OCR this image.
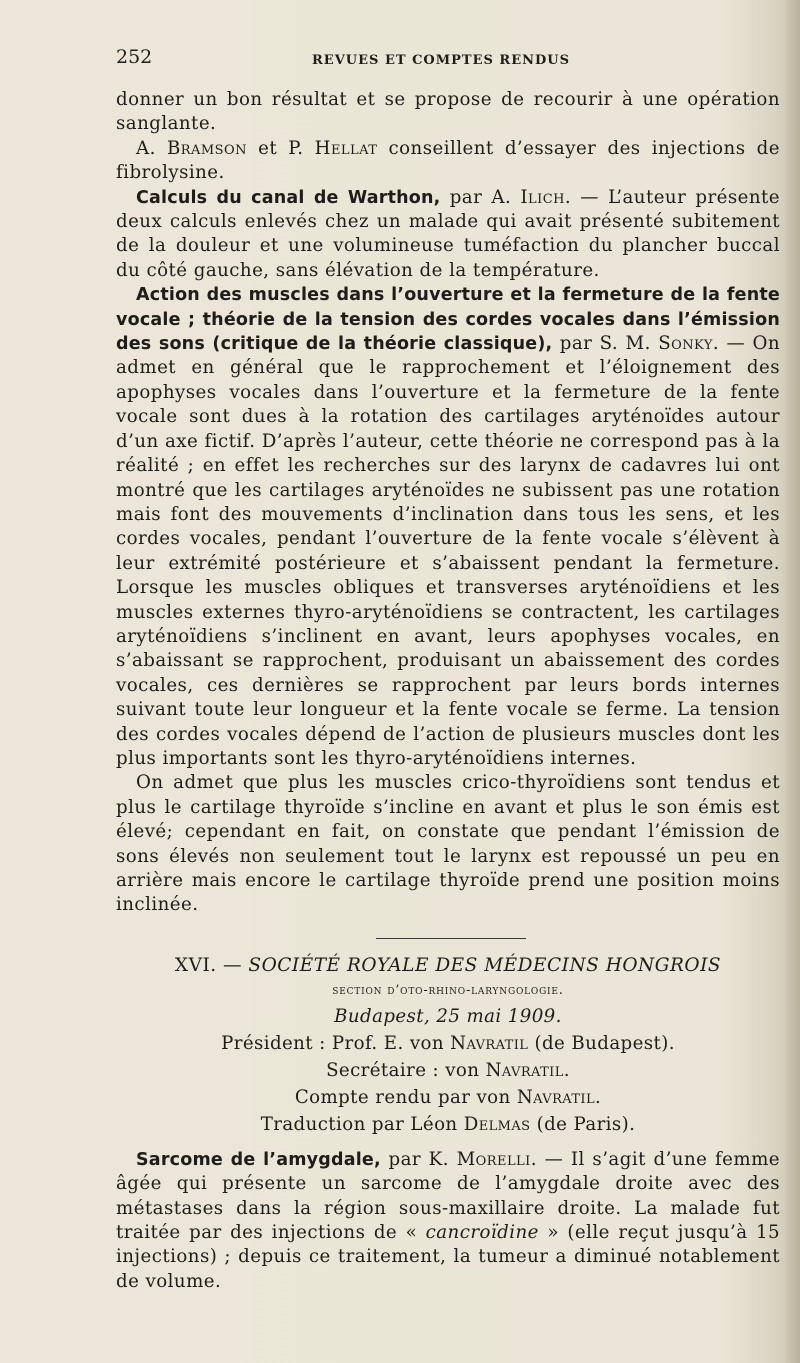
252	REVUES ET COMPTES RENDUS

donner un bon résultat et se propose de recourir à une opération sanglante.

A. Bramson et P. Hellat conseillent d’essayer des injections de fibrolysine.

Calculs du canal de Warthon, par A. Ilich. — L’auteur présente deux calculs enlevés chez un malade qui avait présenté subitement de la douleur et une volumineuse tuméfaction du plancher buccal du côté gauche, sans élévation de la température.

Action des muscles dans l’ouverture et la fermeture de la fente vocale ; théorie de la tension des cordes vocales dans l’émission des sons (critique de la théorie classique), par S. M. Sonky. — On admet en général que le rapprochement et l’éloignement des apophyses vocales dans l’ouverture et la fermeture de la fente vocale sont dues à la rotation des cartilages aryténoïdes autour d’un axe fictif. D’après l’auteur, cette théorie ne correspond pas à la réalité ; en effet les recherches sur des larynx de cadavres lui ont montré que les cartilages aryténoïdes ne subissent pas une rotation mais font des mouvements d’inclination dans tous les sens, et les cordes vocales, pendant l’ouverture de la fente vocale s’élèvent à leur extrémité postérieure et s’abaissent pendant la fermeture. Lorsque les muscles obliques et transverses aryténoïdiens et les muscles externes thyro-aryténoïdiens se contractent, les cartilages aryténoïdiens s’inclinent en avant, leurs apophyses vocales, en s’abaissant se rapprochent, produisant un abaissement des cordes vocales, ces dernières se rapprochent par leurs bords internes suivant toute leur longueur et la fente vocale se ferme. La tension des cordes vocales dépend de l’action de plusieurs muscles dont les plus importants sont les thyro-aryténoïdiens internes.

On admet que plus les muscles crico-thyroïdiens sont tendus et plus le cartilage thyroïde s’incline en avant et plus le son émis est élevé; cependant en fait, on constate que pendant l’émission de sons élevés non seulement tout le larynx est repoussé un peu en arrière mais encore le cartilage thyroïde prend une position moins inclinée.

XVI. — SOCIÉTÉ ROYALE DES MÉDECINS HONGROIS
section d’oto-rhino-laryngologie.
Budapest, 25 mai 1909.
Président : Prof. E. von Navratil (de Budapest).
Secrétaire : von Navratil.
Compte rendu par von Navratil.
Traduction par Léon Delmas (de Paris).

Sarcome de l’amygdale, par K. Morelli. — Il s’agit d’une femme âgée qui présente un sarcome de l’amygdale droite avec des métastases dans la région sous-maxillaire droite. La malade fut traitée par des injections de « cancroïdine » (elle reçut jusqu’à 15 injections) ; depuis ce traitement, la tumeur a diminué notablement de volume.
